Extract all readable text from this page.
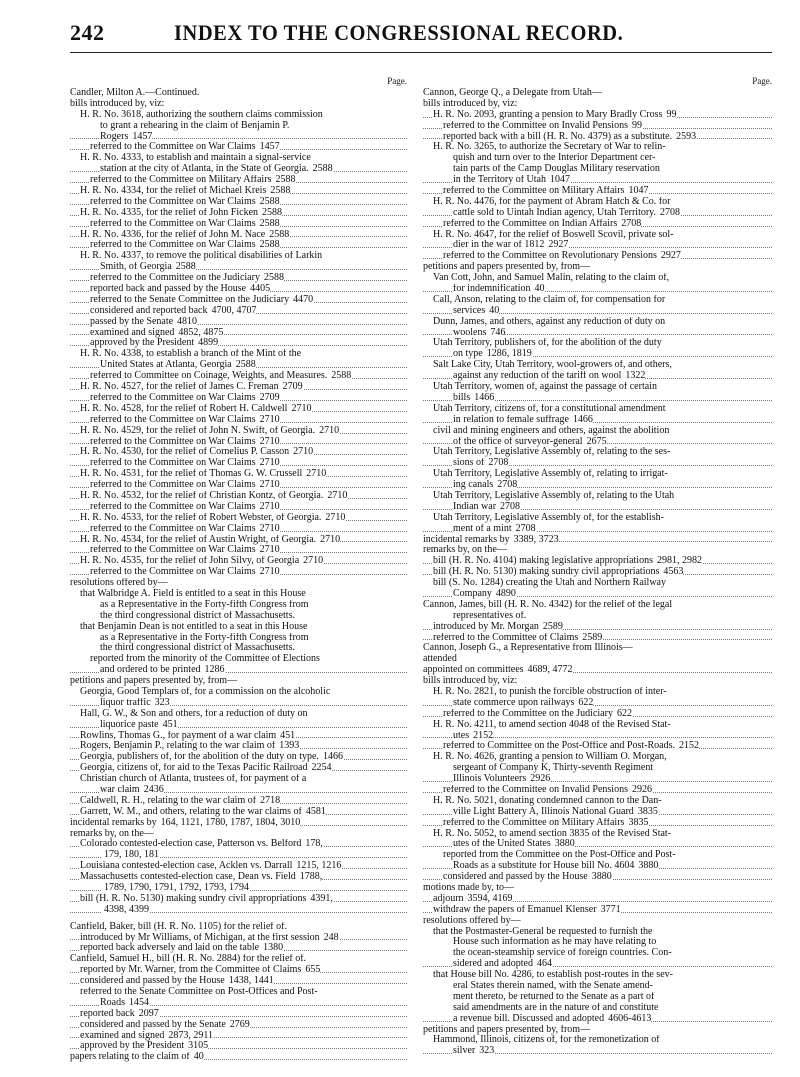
242	INDEX TO THE CONGRESSIONAL RECORD.
Page.
Candler, Milton A.—Continued.
bills introduced by, viz:
H. R. No. 3618, authorizing the southern claims commission
to grant a rehearing in the claim of Benjamin P.
Rogers 1457
referred to the Committee on War Claims 1457
H. R. No. 4333, to establish and maintain a signal-service
station at the city of Atlanta, in the State of Georgia. 2588
referred to the Committee on Military Affairs 2588
H. R. No. 4334, for the relief of Michael Kreis 2588
referred to the Committee on War Claims 2588
H. R. No. 4335, for the relief of John Ficken 2588
referred to the Committee on War Claims 2588
H. R. No. 4336, for the relief of John M. Nace 2588
referred to the Committee on War Claims 2588
H. R. No. 4337, to remove the political disabilities of Larkin
Smith, of Georgia 2588
referred to the Committee on the Judiciary 2588
reported back and passed by the House 4405
referred to the Senate Committee on the Judiciary 4470
considered and reported back 4700, 4707
passed by the Senate 4810
examined and signed 4852, 4875
approved by the President 4899
H. R. No. 4338, to establish a branch of the Mint of the
United States at Atlanta, Georgia 2588
referred to Committee on Coinage, Weights, and Measures. 2588
H. R. No. 4527, for the relief of James C. Freman 2709
referred to the Committee on War Claims 2709
H. R. No. 4528, for the relief of Robert H. Caldwell 2710
referred to the Committee on War Claims 2710
H. R. No. 4529, for the relief of John N. Swift, of Georgia. 2710
referred to the Committee on War Claims 2710
H. R. No. 4530, for the relief of Cornelius P. Casson 2710
referred to the Committee on War Claims 2710
H. R. No. 4531, for the relief of Thomas G. W. Crussell 2710
referred to the Committee on War Claims 2710
H. R. No. 4532, for the relief of Christian Kontz, of Georgia. 2710
referred to the Committee on War Claims 2710
H. R. No. 4533, for the relief of Robert Webster, of Georgia. 2710
referred to the Committee on War Claims 2710
H. R. No. 4534, for the relief of Austin Wright, of Georgia. 2710
referred to the Committee on War Claims 2710
H. R. No. 4535, for the relief of John Silvy, of Georgia 2710
referred to the Committee on War Claims 2710
resolutions offered by—
that Walbridge A. Field is entitled to a seat in this House
as a Representative in the Forty-fifth Congress from
the third congressional district of Massachusetts.
that Benjamin Dean is not entitled to a seat in this House
as a Representative in the Forty-fifth Congress from
the third congressional district of Massachusetts.
reported from the minority of the Committee of Elections
and ordered to be printed 1286
petitions and papers presented by, from—
Georgia, Good Templars of, for a commission on the alcoholic
liquor traffic 323
Hall, G. W., & Son and others, for a reduction of duty on
liquorice paste 451
Rowlins, Thomas G., for payment of a war claim 451
Rogers, Benjamin P., relating to the war claim of 1393
Georgia, publishers of, for the abolition of the duty on type. 1466
Georgia, citizens of, for aid to the Texas Pacific Railroad 2254
Christian church of Atlanta, trustees of, for payment of a
war claim 2436
Caldwell, R. H., relating to the war claim of 2718
Garrett, W. M., and others, relating to the war claims of 4581
incidental remarks by 164, 1121, 1780, 1787, 1804, 3010
remarks by, on the—
Colorado contested-election case, Patterson vs. Belford 178,
179, 180, 181
Louisiana contested-election case, Acklen vs. Darrall 1215, 1216
Massachusetts contested-election case, Dean vs. Field 1788,
1789, 1790, 1791, 1792, 1793, 1794
bill (H. R. No. 5130) making sundry civil appropriations 4391,
4398, 4399
Canfield, Baker, bill (H. R. No. 1105) for the relief of.
introduced by Mr Williams, of Michigan, at the first session 248
reported back adversely and laid on the table 1380
Canfield, Samuel H., bill (H. R. No. 2884) for the relief of.
reported by Mr. Warner, from the Committee of Claims 655
considered and passed by the House 1438, 1441
referred to the Senate Committee on Post-Offices and Post-
Roads 1454
reported back 2097
considered and passed by the Senate 2769
examined and signed 2873, 2911
approved by the President 3105
papers relating to the claim of 40
Page.
Cannon, George Q., a Delegate from Utah—
bills introduced by, viz:
H. R. No. 2093, granting a pension to Mary Bradly Cross 99
referred to the Committee on Invalid Pensions 99
reported back with a bill (H. R. No. 4379) as a substitute. 2593
H. R. No. 3265, to authorize the Secretary of War to relin-
quish and turn over to the Interior Department cer-
tain parts of the Camp Douglas Military reservation
in the Territory of Utah 1047
referred to the Committee on Military Affairs 1047
H. R. No. 4476, for the payment of Abram Hatch & Co. for
cattle sold to Uintah Indian agency, Utah Territory. 2708
referred to the Committee on Indian Affairs 2708
H. R. No. 4647, for the relief of Boswell Scovil, private sol-
dier in the war of 1812 2927
referred to the Committee on Revolutionary Pensions 2927
petitions and papers presented by, from—
Van Cott, John, and Samuel Malin, relating to the claim of,
for indemnification 40
Call, Anson, relating to the claim of, for compensation for
services 40
Dunn, James, and others, against any reduction of duty on
woolens 746
Utah Territory, publishers of, for the abolition of the duty
on type 1286, 1819
Salt Lake City, Utah Territory, wool-growers of, and others,
against any reduction of the tariff on wool 1322
Utah Territory, women of, against the passage of certain
bills 1466
Utah Territory, citizens of, for a constitutional amendment
in relation to female suffrage 1466
civil and mining engineers and others, against the abolition
of the office of surveyor-general 2675
Utah Territory, Legislative Assembly of, relating to the ses-
sions of 2708
Utah Territory, Legislative Assembly of, relating to irrigat-
ing canals 2708
Utah Territory, Legislative Assembly of, relating to the Utah
Indian war 2708
Utah Territory, Legislative Assembly of, for the establish-
ment of a mint 2708
incidental remarks by 3389, 3723
remarks by, on the—
bill (H. R. No. 4104) making legislative appropriations 2981, 2982
bill (H. R. No. 5130) making sundry civil appropriations 4563
bill (S. No. 1284) creating the Utah and Northern Railway
Company 4890
Cannon, James, bill (H. R. No. 4342) for the relief of the legal
representatives of.
introduced by Mr. Morgan 2589
referred to the Committee of Claims 2589
Cannon, Joseph G., a Representative from Illinois—
attended
appointed on committees 4689, 4772
bills introduced by, viz:
H. R. No. 2821, to punish the forcible obstruction of inter-
state commerce upon railways 622
referred to the Committee on the Judiciary 622
H. R. No. 4211, to amend section 4048 of the Revised Stat-
utes 2152
referred to Committee on the Post-Office and Post-Roads. 2152
H. R. No. 4626, granting a pension to William O. Morgan,
sergeant of Company K, Thirty-seventh Regiment
Illinois Volunteers 2926
referred to the Committee on Invalid Pensions 2926
H. R. No. 5021, donating condemned cannon to the Dan-
ville Light Battery A, Illinois National Guard 3835
referred to the Committee on Military Affairs 3835
H. R. No. 5052, to amend section 3835 of the Revised Stat-
utes of the United States 3880
reported from the Committee on the Post-Office and Post-
Roads as a substitute for House bill No. 4604 3880
considered and passed by the House 3880
motions made by, to—
adjourn 3594, 4169
withdraw the papers of Emanuel Klenser 3771
resolutions offered by—
that the Postmaster-General be requested to furnish the
House such information as he may have relating to
the ocean-steamship service of foreign countries. Con-
sidered and adopted 464
that House bill No. 4286, to establish post-routes in the sev-
eral States therein named, with the Senate amend-
ment thereto, be returned to the Senate as a part of
said amendments are in the nature of and constitute
a revenue bill. Discussed and adopted 4606-4613
petitions and papers presented by, from—
Hammond, Illinois, citizens of, for the remonetization of
silver 323
